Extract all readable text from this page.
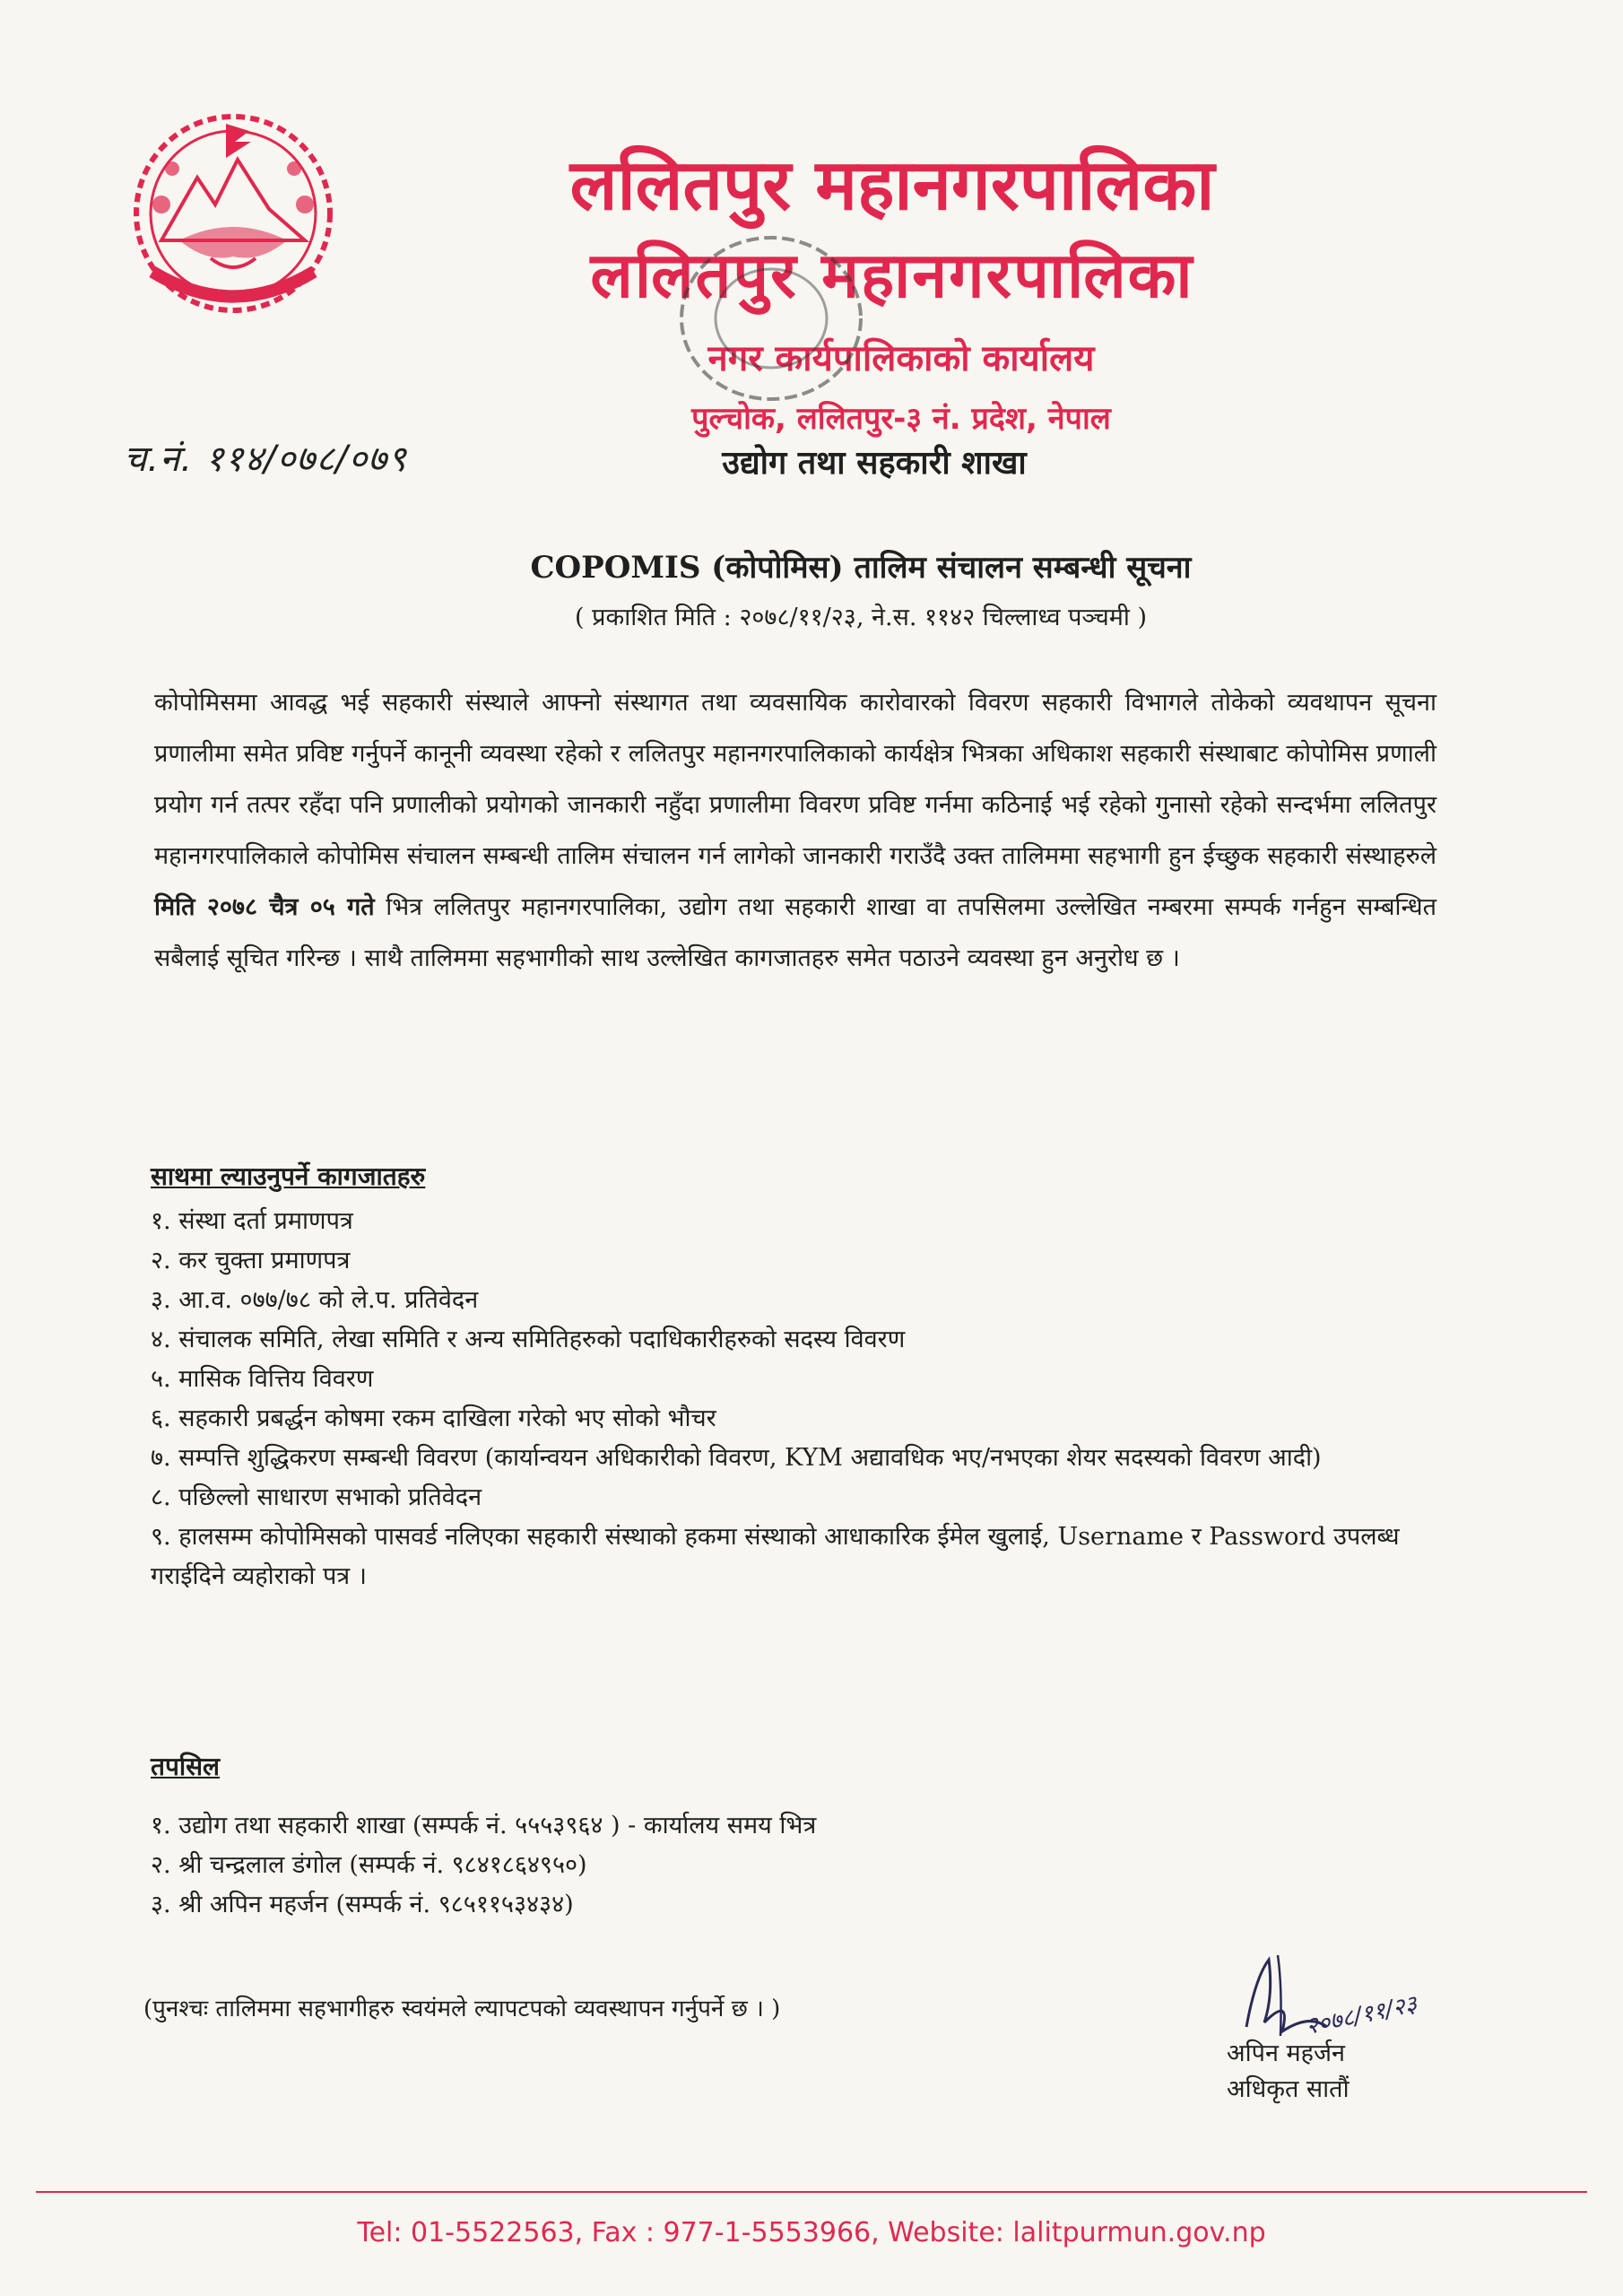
ललितपुर महानगरपालिका
ललितपुर महानगरपालिका
नगर कार्यपालिकाको कार्यालय
पुल्चोक, ललितपुर-३ नं. प्रदेश, नेपाल
च.नं. ११४/०७८/०७९	उद्योग तथा सहकारी शाखा
COPOMIS (कोपोमिस) तालिम संचालन सम्बन्धी सूचना
( प्रकाशित मिति : २०७८/११/२३, ने.स. ११४२ चिल्लाध्व पञ्चमी )
कोपोमिसमा आवद्ध भई सहकारी संस्थाले आफ्नो संस्थागत तथा व्यवसायिक कारोवारको विवरण सहकारी विभागले तोकेको व्यवथापन सूचना प्रणालीमा समेत प्रविष्ट गर्नुपर्ने कानूनी व्यवस्था रहेको र ललितपुर महानगरपालिकाको कार्यक्षेत्र भित्रका अधिकाश सहकारी संस्थाबाट कोपोमिस प्रणाली प्रयोग गर्न तत्पर रहँदा पनि प्रणालीको प्रयोगको जानकारी नहुँदा प्रणालीमा विवरण प्रविष्ट गर्नमा कठिनाई भई रहेको गुनासो रहेको सन्दर्भमा ललितपुर महानगरपालिकाले कोपोमिस संचालन सम्बन्धी तालिम संचालन गर्न लागेको जानकारी गराउँदै उक्त तालिममा सहभागी हुन ईच्छुक सहकारी संस्थाहरुले मिति २०७८ चैत्र ०५ गते भित्र ललितपुर महानगरपालिका, उद्योग तथा सहकारी शाखा वा तपसिलमा उल्लेखित नम्बरमा सम्पर्क गर्नहुन सम्बन्धित सबैलाई सूचित गरिन्छ । साथै तालिममा सहभागीको साथ उल्लेखित कागजातहरु समेत पठाउने व्यवस्था हुन अनुरोध छ ।
साथमा ल्याउनुपर्ने कागजातहरु
१. संस्था दर्ता प्रमाणपत्र
२. कर चुक्ता प्रमाणपत्र
३. आ.व. ०७७/७८ को ले.प. प्रतिवेदन
४. संचालक समिति, लेखा समिति र अन्य समितिहरुको पदाधिकारीहरुको सदस्य विवरण
५. मासिक वित्तिय विवरण
६. सहकारी प्रबर्द्धन कोषमा रकम दाखिला गरेको भए सोको भौचर
७. सम्पत्ति शुद्धिकरण सम्बन्धी विवरण (कार्यान्वयन अधिकारीको विवरण, KYM अद्यावधिक भए/नभएका शेयर सदस्यको विवरण आदी)
८. पछिल्लो साधारण सभाको प्रतिवेदन
९. हालसम्म कोपोमिसको पासवर्ड नलिएका सहकारी संस्थाको हकमा संस्थाको आधाकारिक ईमेल खुलाई, Username र Password उपलब्ध गराईदिने व्यहोराको पत्र ।
तपसिल
१. उद्योग तथा सहकारी शाखा (सम्पर्क नं. ५५५३९६४ ) - कार्यालय समय भित्र
२. श्री चन्द्रलाल डंगोल (सम्पर्क नं. ९८४१८६४९५०)
३. श्री अपिन महर्जन (सम्पर्क नं. ९८५११५३४३४)
(पुनश्चः तालिममा सहभागीहरु स्वयंमले ल्यापटपको व्यवस्थापन गर्नुपर्ने छ । )	२०७८/११/२३
अपिन महर्जन
अधिकृत सातौं
Tel: 01-5522563, Fax : 977-1-5553966, Website: lalitpurmun.gov.np
